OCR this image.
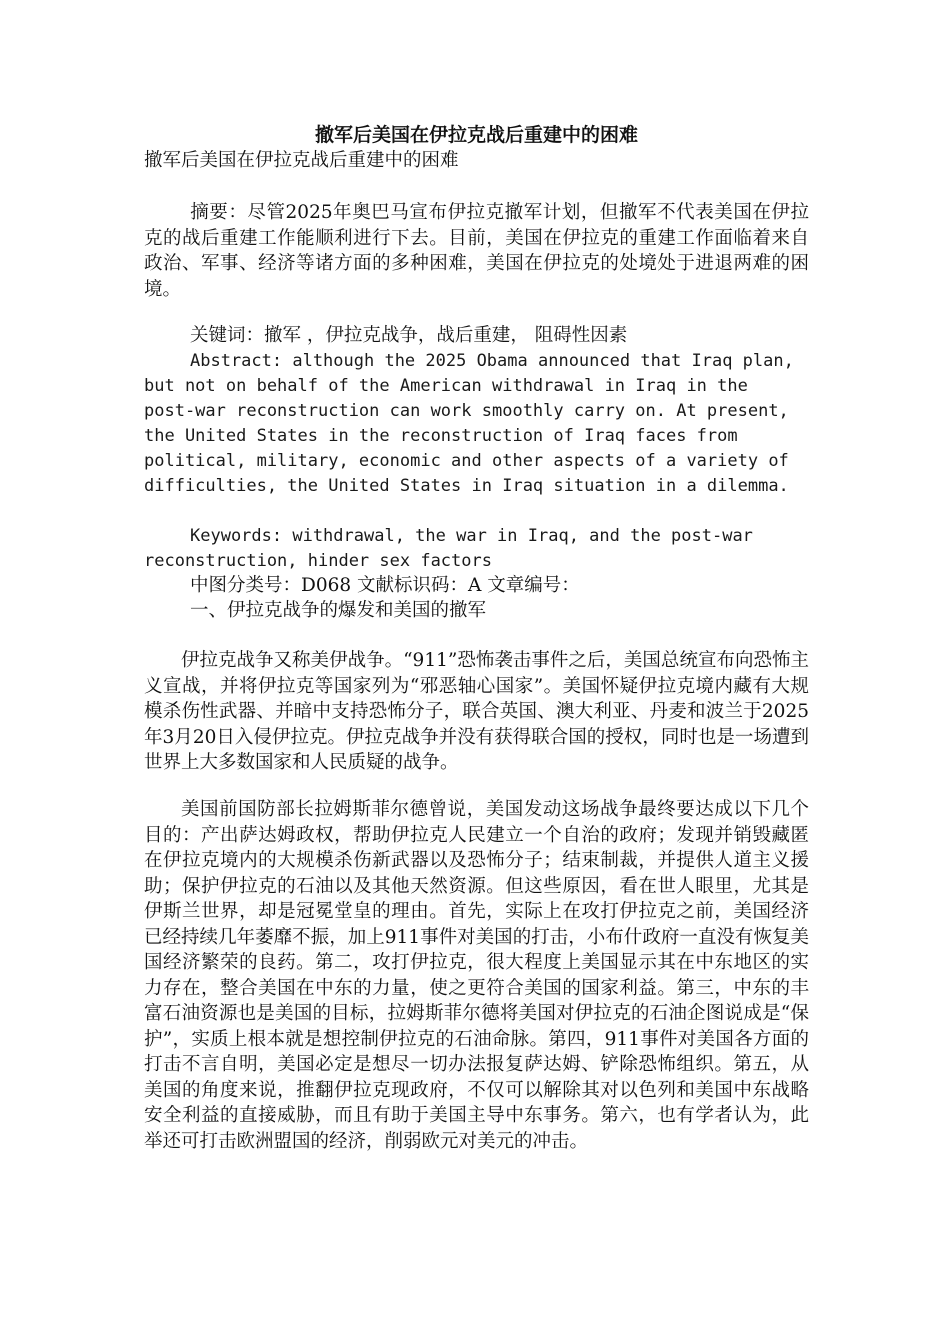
撤军后美国在伊拉克战后重建中的困难
撤军后美国在伊拉克战后重建中的困难

摘要：尽管2025年奥巴马宣布伊拉克撤军计划，但撤军不代表美国在伊拉克的战后重建工作能顺利进行下去。目前，美国在伊拉克的重建工作面临着来自政治、军事、经济等诸方面的多种困难，美国在伊拉克的处境处于进退两难的困境。

关键词：撤军 ，伊拉克战争，战后重建， 阻碍性因素

Abstract: although the 2025 Obama announced that Iraq plan, but not on behalf of the American withdrawal in Iraq in the post-war reconstruction can work smoothly carry on. At present, the United States in the reconstruction of Iraq faces from political, military, economic and other aspects of a variety of difficulties, the United States in Iraq situation in a dilemma.

Keywords: withdrawal, the war in Iraq, and the post-war reconstruction, hinder sex factors

中图分类号：D068 文献标识码：A 文章编号：
一、伊拉克战争的爆发和美国的撤军

伊拉克战争又称美伊战争。“911”恐怖袭击事件之后，美国总统宣布向恐怖主义宣战，并将伊拉克等国家列为“邪恶轴心国家”。美国怀疑伊拉克境内藏有大规模杀伤性武器、并暗中支持恐怖分子，联合英国、澳大利亚、丹麦和波兰于2025年3月20日入侵伊拉克。伊拉克战争并没有获得联合国的授权，同时也是一场遭到世界上大多数国家和人民质疑的战争。

美国前国防部长拉姆斯菲尔德曾说，美国发动这场战争最终要达成以下几个目的：产出萨达姆政权，帮助伊拉克人民建立一个自治的政府；发现并销毁藏匿在伊拉克境内的大规模杀伤新武器以及恐怖分子；结束制裁，并提供人道主义援助；保护伊拉克的石油以及其他天然资源。但这些原因，看在世人眼里，尤其是伊斯兰世界，却是冠冕堂皇的理由。首先，实际上在攻打伊拉克之前，美国经济已经持续几年萎靡不振，加上911事件对美国的打击，小布什政府一直没有恢复美国经济繁荣的良药。第二，攻打伊拉克，很大程度上美国显示其在中东地区的实力存在，整合美国在中东的力量，使之更符合美国的国家利益。第三，中东的丰富石油资源也是美国的目标，拉姆斯菲尔德将美国对伊拉克的石油企图说成是“保护”，实质上根本就是想控制伊拉克的石油命脉。第四，911事件对美国各方面的打击不言自明，美国必定是想尽一切办法报复萨达姆、铲除恐怖组织。第五，从美国的角度来说，推翻伊拉克现政府，不仅可以解除其对以色列和美国中东战略安全利益的直接威胁，而且有助于美国主导中东事务。第六，也有学者认为，此举还可打击欧洲盟国的经济，削弱欧元对美元的冲击。
